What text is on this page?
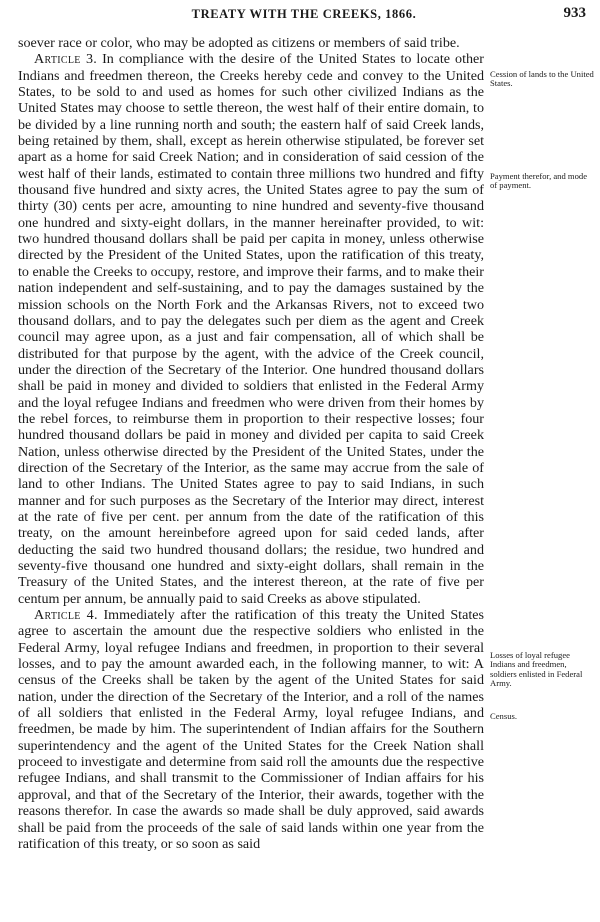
TREATY WITH THE CREEKS, 1866.	933

soever race or color, who may be adopted as citizens or members of said tribe.

Article 3. In compliance with the desire of the United States to locate other Indians and freedmen thereon, the Creeks hereby cede and convey to the United States, to be sold to and used as homes for such other civilized Indians as the United States may choose to settle thereon, the west half of their entire domain, to be divided by a line running north and south; the eastern half of said Creek lands, being retained by them, shall, except as herein otherwise stipulated, be forever set apart as a home for said Creek Nation; and in consideration of said cession of the west half of their lands, estimated to contain three millions two hundred and fifty thousand five hundred and sixty acres, the United States agree to pay the sum of thirty (30) cents per acre, amounting to nine hundred and seventy-five thousand one hundred and sixty-eight dollars, in the manner hereinafter provided, to wit: two hundred thousand dollars shall be paid per capita in money, unless otherwise directed by the President of the United States, upon the ratification of this treaty, to enable the Creeks to occupy, restore, and improve their farms, and to make their nation independent and self-sustaining, and to pay the damages sustained by the mission schools on the North Fork and the Arkansas Rivers, not to exceed two thousand dollars, and to pay the delegates such per diem as the agent and Creek council may agree upon, as a just and fair compensation, all of which shall be distributed for that purpose by the agent, with the advice of the Creek council, under the direction of the Secretary of the Interior. One hundred thousand dollars shall be paid in money and divided to soldiers that enlisted in the Federal Army and the loyal refugee Indians and freedmen who were driven from their homes by the rebel forces, to reimburse them in proportion to their respective losses; four hundred thousand dollars be paid in money and divided per capita to said Creek Nation, unless otherwise directed by the President of the United States, under the direction of the Secretary of the Interior, as the same may accrue from the sale of land to other Indians. The United States agree to pay to said Indians, in such manner and for such purposes as the Secretary of the Interior may direct, interest at the rate of five per cent. per annum from the date of the ratification of this treaty, on the amount hereinbefore agreed upon for said ceded lands, after deducting the said two hundred thousand dollars; the residue, two hundred and seventy-five thousand one hundred and sixty-eight dollars, shall remain in the Treasury of the United States, and the interest thereon, at the rate of five per centum per annum, be annually paid to said Creeks as above stipulated.

Article 4. Immediately after the ratification of this treaty the United States agree to ascertain the amount due the respective soldiers who enlisted in the Federal Army, loyal refugee Indians and freedmen, in proportion to their several losses, and to pay the amount awarded each, in the following manner, to wit: A census of the Creeks shall be taken by the agent of the United States for said nation, under the direction of the Secretary of the Interior, and a roll of the names of all soldiers that enlisted in the Federal Army, loyal refugee Indians, and freedmen, be made by him. The superintendent of Indian affairs for the Southern superintendency and the agent of the United States for the Creek Nation shall proceed to investigate and determine from said roll the amounts due the respective refugee Indians, and shall transmit to the Commissioner of Indian affairs for his approval, and that of the Secretary of the Interior, their awards, together with the reasons therefor. In case the awards so made shall be duly approved, said awards shall be paid from the proceeds of the sale of said lands within one year from the ratification of this treaty, or so soon as said

Cession of lands to the United States.
Payment therefor, and mode of payment.
Losses of loyal refugee Indians and freedmen, soldiers enlisted in Federal Army.
Census.
